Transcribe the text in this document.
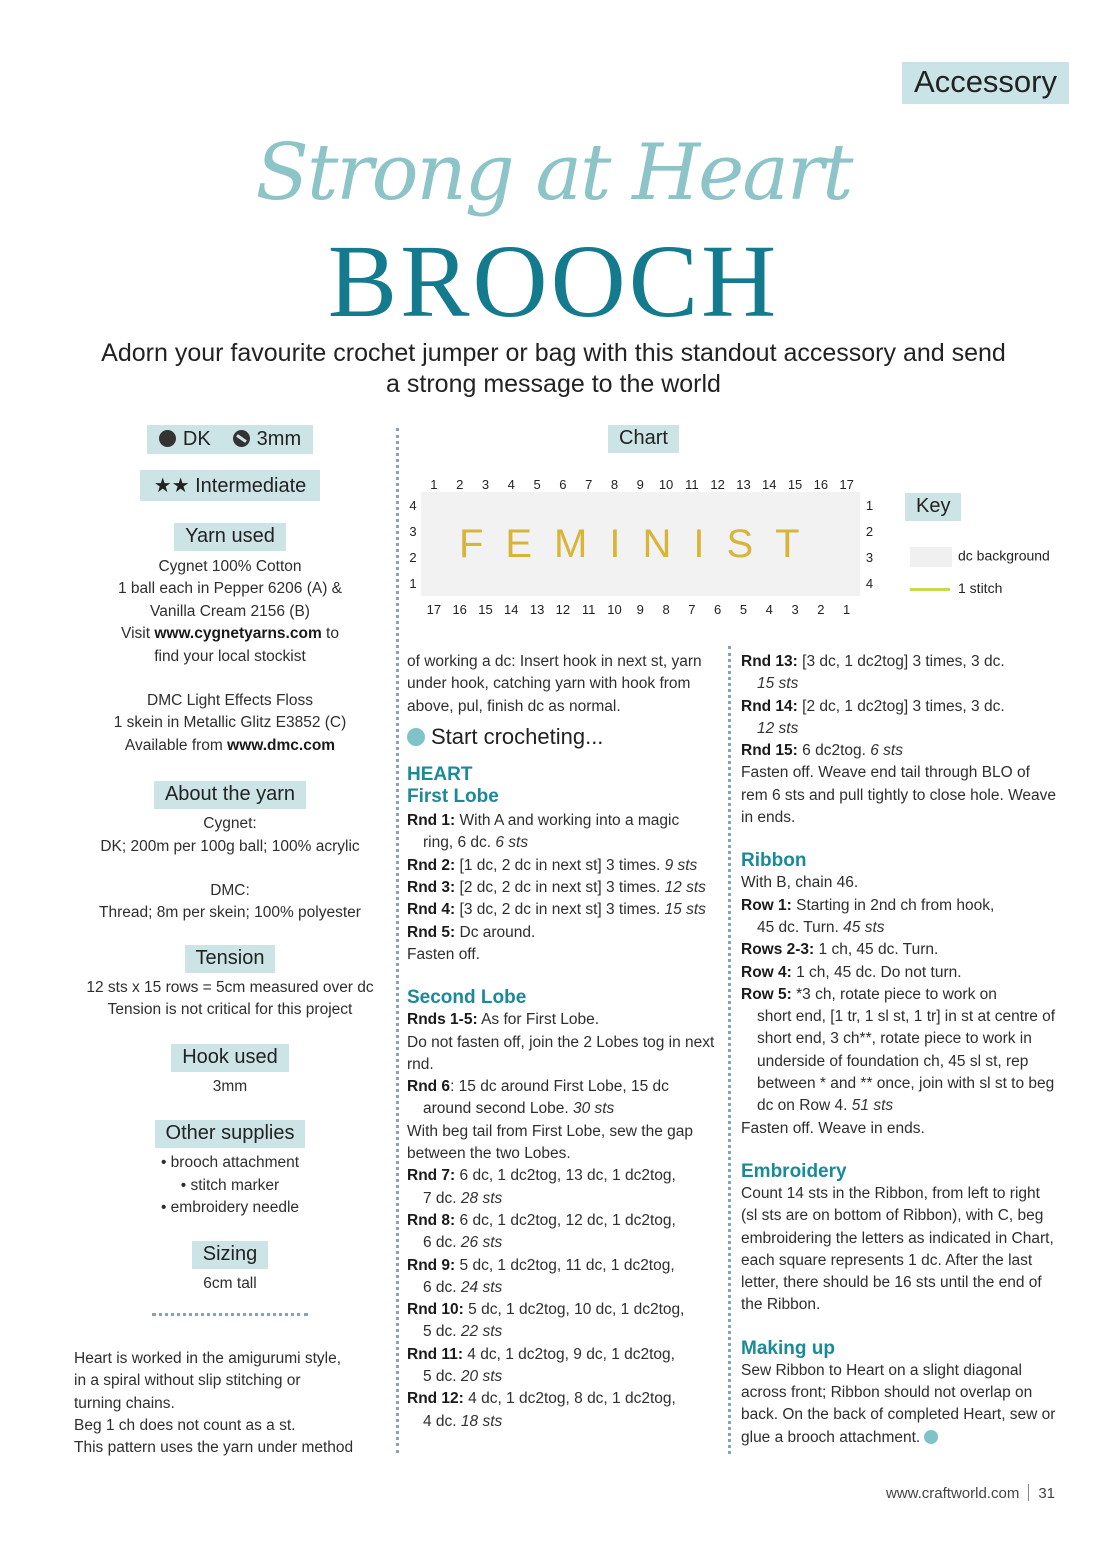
Accessory
Strong at Heart
BROOCH
Adorn your favourite crochet jumper or bag with this standout accessory and send a strong message to the world
DK 3mm
★★ Intermediate
Yarn used
Cygnet 100% Cotton
1 ball each in Pepper 6206 (A) &
Vanilla Cream 2156 (B)
Visit www.cygnetyarns.com to
find your local stockist
DMC Light Effects Floss
1 skein in Metallic Glitz E3852 (C)
Available from www.dmc.com
About the yarn
Cygnet:
DK; 200m per 100g ball; 100% acrylic
DMC:
Thread; 8m per skein; 100% polyester
Tension
12 sts x 15 rows = 5cm measured over dc
Tension is not critical for this project
Hook used
3mm
Other supplies
• brooch attachment
• stitch marker
• embroidery needle
Sizing
6cm tall
Heart is worked in the amigurumi style,
in a spiral without slip stitching or
turning chains.
Beg 1 ch does not count as a st.
This pattern uses the yarn under method
Chart
	1	2	3	4	5	6	7	8	9	10	11	12	13	14	15	16	17	
4	FEMINIST																	1
3																		2
2																		3
1																		4
	17	16	15	14	13	12	11	10	9	8	7	6	5	4	3	2	1	
Key
dc background
1 stitch

of working a dc: Insert hook in next st, yarn under hook, catching yarn with hook from above, pul, finish dc as normal.

Start crocheting...
HEART
First Lobe

Rnd 1: With A and working into a magic

ring, 6 dc. 6 sts

Rnd 2: [1 dc, 2 dc in next st] 3 times. 9 sts

Rnd 3: [2 dc, 2 dc in next st] 3 times. 12 sts

Rnd 4: [3 dc, 2 dc in next st] 3 times. 15 sts

Rnd 5: Dc around.

Fasten off.

Second Lobe

Rnds 1-5: As for First Lobe.

Do not fasten off, join the 2 Lobes tog in next rnd.

Rnd 6: 15 dc around First Lobe, 15 dc

around second Lobe. 30 sts

With beg tail from First Lobe, sew the gap between the two Lobes.

Rnd 7: 6 dc, 1 dc2tog, 13 dc, 1 dc2tog,

7 dc. 28 sts

Rnd 8: 6 dc, 1 dc2tog, 12 dc, 1 dc2tog,

6 dc. 26 sts

Rnd 9: 5 dc, 1 dc2tog, 11 dc, 1 dc2tog,

6 dc. 24 sts

Rnd 10: 5 dc, 1 dc2tog, 10 dc, 1 dc2tog,

5 dc. 22 sts

Rnd 11: 4 dc, 1 dc2tog, 9 dc, 1 dc2tog,

5 dc. 20 sts

Rnd 12: 4 dc, 1 dc2tog, 8 dc, 1 dc2tog,

4 dc. 18 sts

Rnd 13: [3 dc, 1 dc2tog] 3 times, 3 dc.

15 sts

Rnd 14: [2 dc, 1 dc2tog] 3 times, 3 dc.

12 sts

Rnd 15: 6 dc2tog. 6 sts

Fasten off. Weave end tail through BLO of rem 6 sts and pull tightly to close hole. Weave in ends.

Ribbon

With B, chain 46.

Row 1: Starting in 2nd ch from hook,

45 dc. Turn. 45 sts

Rows 2-3: 1 ch, 45 dc. Turn.

Row 4: 1 ch, 45 dc. Do not turn.

Row 5: *3 ch, rotate piece to work on

short end, [1 tr, 1 sl st, 1 tr] in st at centre of short end, 3 ch**, rotate piece to work in underside of foundation ch, 45 sl st, rep between * and ** once, join with sl st to beg dc on Row 4. 51 sts

Fasten off. Weave in ends.

Embroidery

Count 14 sts in the Ribbon, from left to right (sl sts are on bottom of Ribbon), with C, beg embroidering the letters as indicated in Chart, each square represents 1 dc. After the last letter, there should be 16 sts until the end of the Ribbon.

Making up

Sew Ribbon to Heart on a slight diagonal across front; Ribbon should not overlap on back. On the back of completed Heart, sew or glue a brooch attachment.

www.craftworld.com 31
